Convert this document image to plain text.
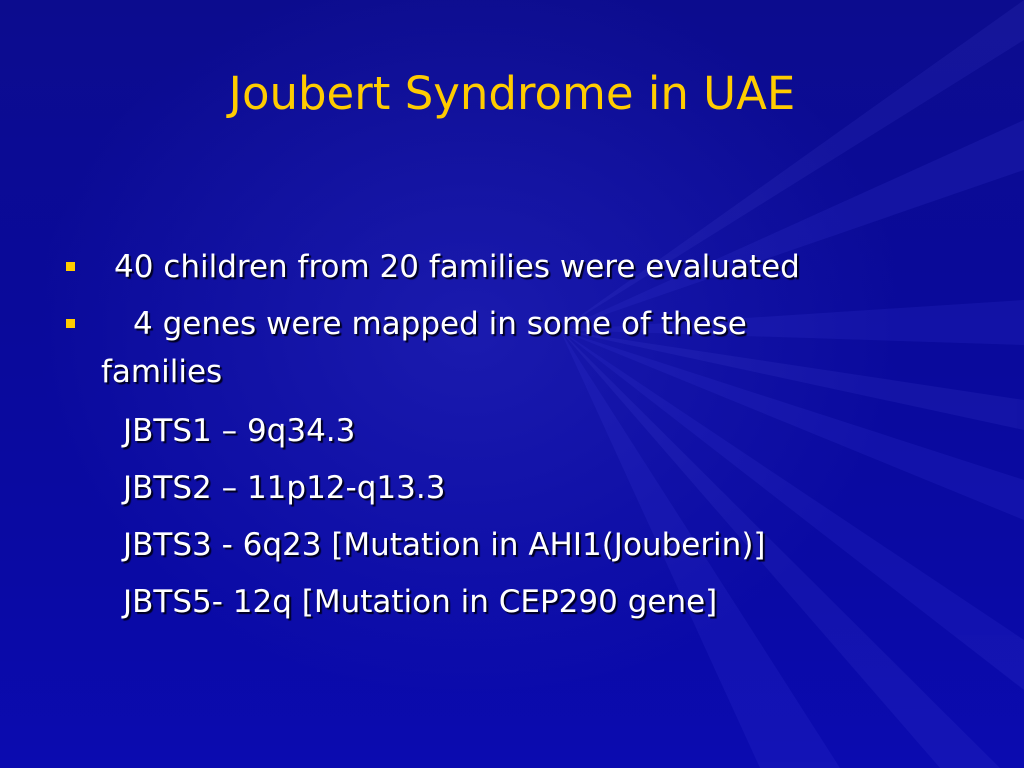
Joubert Syndrome in UAE
40 children from 20 families were evaluated
4 genes were mapped in some of these
families
JBTS1 – 9q34.3
JBTS2 – 11p12-q13.3
JBTS3 - 6q23 [Mutation in AHI1(Jouberin)]
JBTS5- 12q [Mutation in CEP290 gene]
